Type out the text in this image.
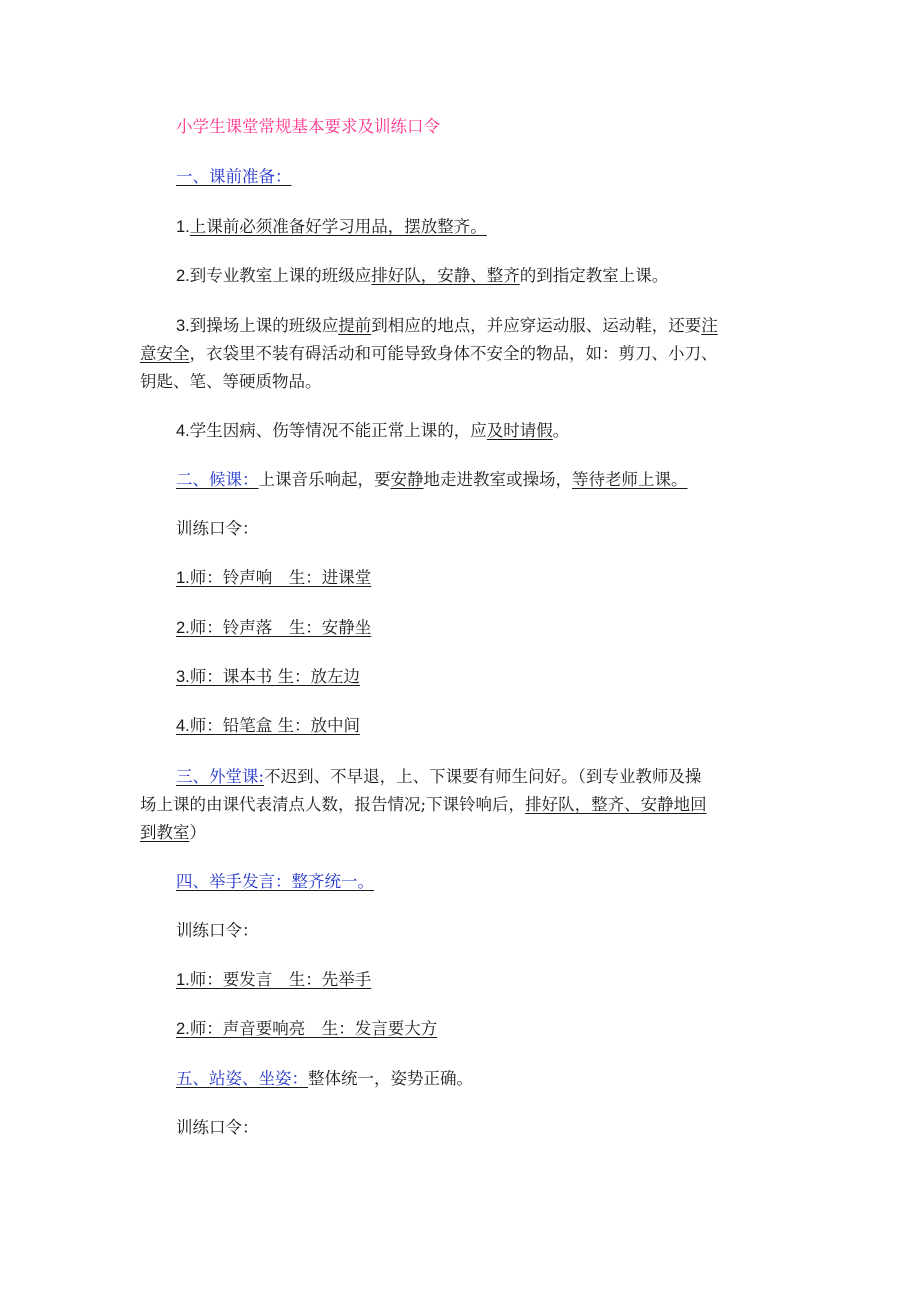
小学生课堂常规基本要求及训练口令
一、课前准备：
1.上课前必须准备好学习用品，摆放整齐。
2.到专业教室上课的班级应排好队，安静、整齐的到指定教室上课。
3.到操场上课的班级应提前到相应的地点，并应穿运动服、运动鞋，还要注
意安全，衣袋里不装有碍活动和可能导致身体不安全的物品，如：剪刀、小刀、
钥匙、笔、等硬质物品。
4.学生因病、伤等情况不能正常上课的，应及时请假。
二、候课：上课音乐响起，要安静地走进教室或操场，等待老师上课。
训练口令：
1.师：铃声响　生：进课堂
2.师：铃声落　生：安静坐
3.师：课本书 生：放左边
4.师：铅笔盒 生：放中间
三、外堂课:不迟到、不早退，上、下课要有师生问好。（到专业教师及操
场上课的由课代表清点人数，报告情况;下课铃响后，排好队，整齐、安静地回
到教室）
四、举手发言：整齐统一。
训练口令：
1.师：要发言　生：先举手
2.师：声音要响亮　生：发言要大方
五、站姿、坐姿：整体统一，姿势正确。
训练口令：
